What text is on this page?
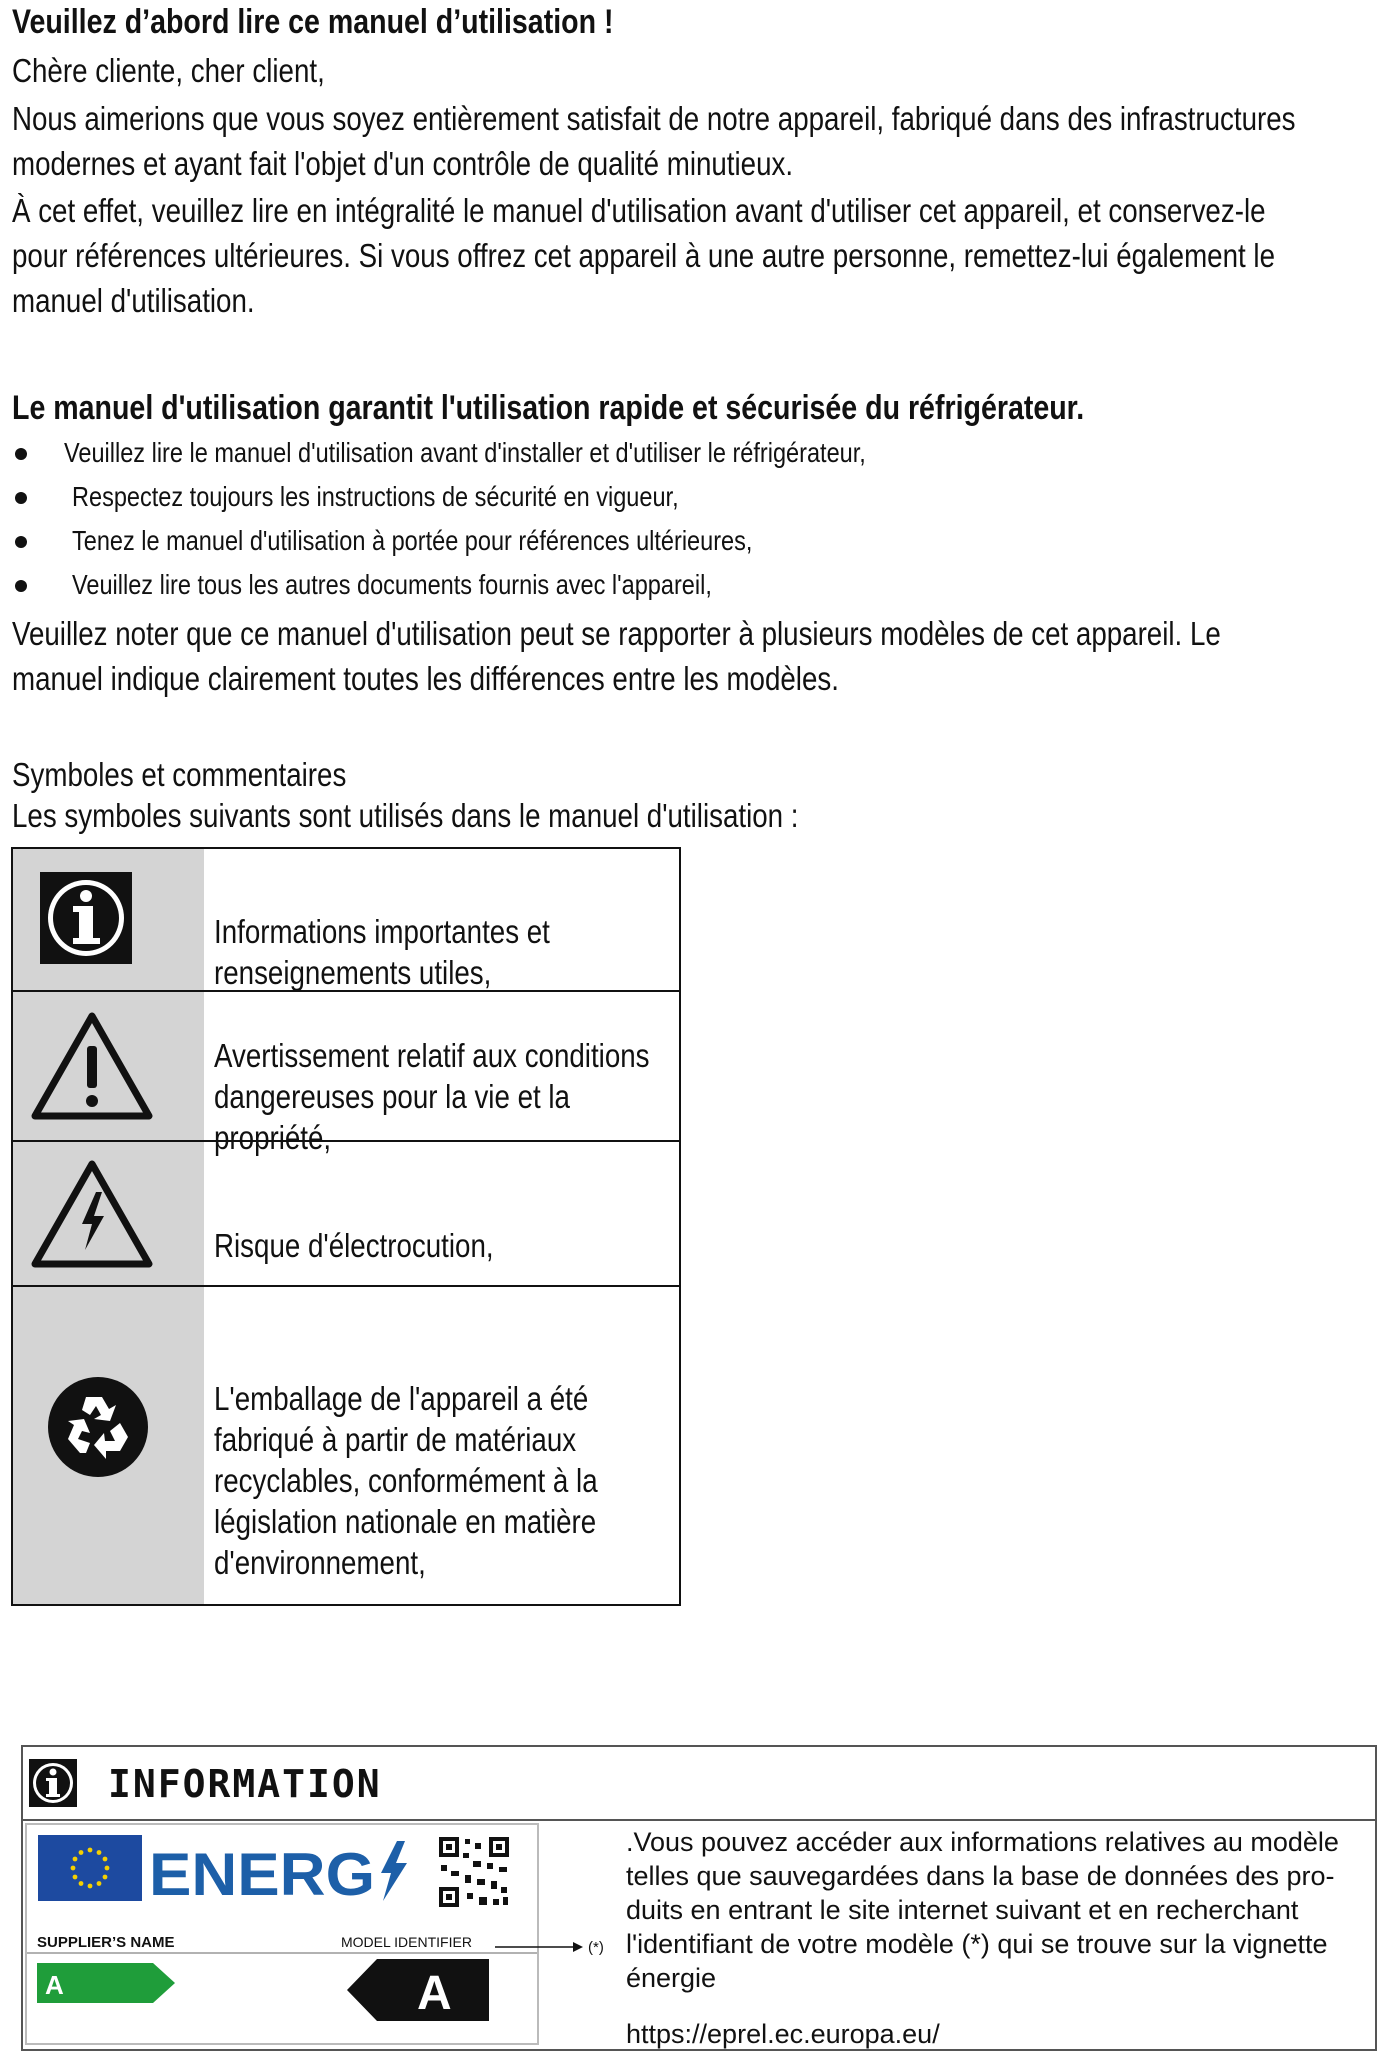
Veuillez d’abord lire ce manuel d’utilisation !

Chère cliente, cher client,

Nous aimerions que vous soyez entièrement satisfait de notre appareil, fabriqué dans des infrastructures

modernes et ayant fait l'objet d'un contrôle de qualité minutieux.

À cet effet, veuillez lire en intégralité le manuel d'utilisation avant d'utiliser cet appareil, et conservez-le

pour références ultérieures. Si vous offrez cet appareil à une autre personne, remettez-lui également le

manuel d'utilisation.

Le manuel d'utilisation garantit l'utilisation rapide et sécurisée du réfrigérateur.

Veuillez lire le manuel d'utilisation avant d'installer et d'utiliser le réfrigérateur,

Respectez toujours les instructions de sécurité en vigueur,

Tenez le manuel d'utilisation à portée pour références ultérieures,

Veuillez lire tous les autres documents fournis avec l'appareil,

Veuillez noter que ce manuel d'utilisation peut se rapporter à plusieurs modèles de cet appareil. Le

manuel indique clairement toutes les différences entre les modèles.

Symboles et commentaires

Les symboles suivants sont utilisés dans le manuel d'utilisation :

Informations importantes et

renseignements utiles,

Avertissement relatif aux conditions

dangereuses pour la vie et la

propriété,

Risque d'électrocution,

L'emballage de l'appareil a été

fabriqué à partir de matériaux

recyclables, conformément à la

législation nationale en matière

d'environnement,

INFORMATION

ENERG
SUPPLIER’S NAME	MODEL IDENTIFIER
A	A
(*)

.Vous pouvez accéder aux informations relatives au modèle telles que sauvegardées dans la base de données des pro-duits en entrant le site internet suivant et en recherchant l'identifiant de votre modèle (*) qui se trouve sur la vignette énergie

https://eprel.ec.europa.eu/
